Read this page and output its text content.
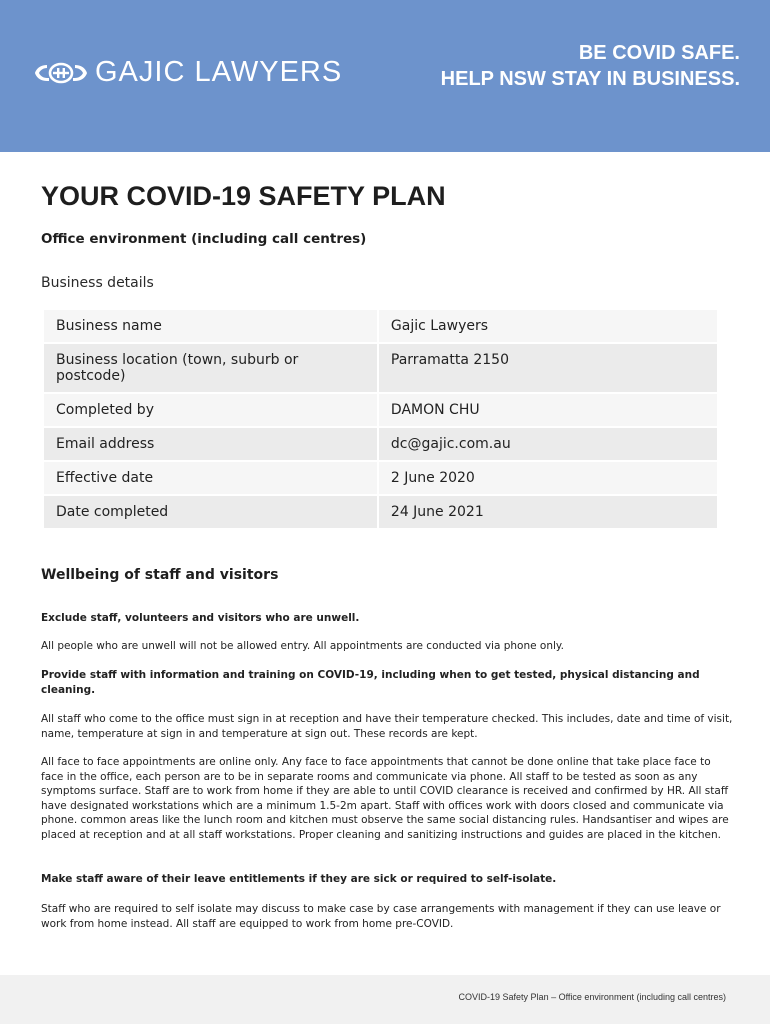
GAJIC LAWYERS
BE COVID SAFE.
HELP NSW STAY IN BUSINESS.
YOUR COVID-19 SAFETY PLAN
Office environment (including call centres)
Business details
Business name	Gajic Lawyers
Business location (town, suburb or postcode)	Parramatta 2150
Completed by	DAMON CHU
Email address	dc@gajic.com.au
Effective date	2 June 2020
Date completed	24 June 2021
Wellbeing of staff and visitors
Exclude staff, volunteers and visitors who are unwell.
All people who are unwell will not be allowed entry. All appointments are conducted via phone only.
Provide staff with information and training on COVID-19, including when to get tested, physical distancing and cleaning.
All staff who come to the office must sign in at reception and have their temperature checked. This includes, date and time of visit, name, temperature at sign in and temperature at sign out. These records are kept.
All face to face appointments are online only. Any face to face appointments that cannot be done online that take place face to face in the office, each person are to be in separate rooms and communicate via phone. All staff to be tested as soon as any symptoms surface. Staff are to work from home if they are able to until COVID clearance is received and confirmed by HR. All staff have designated workstations which are a minimum 1.5-2m apart. Staff with offices work with doors closed and communicate via phone. common areas like the lunch room and kitchen must observe the same social distancing rules. Handsantiser and wipes are placed at reception and at all staff workstations. Proper cleaning and sanitizing instructions and guides are placed in the kitchen.
Make staff aware of their leave entitlements if they are sick or required to self-isolate.
Staff who are required to self isolate may discuss to make case by case arrangements with management if they can use leave or work from home instead. All staff are equipped to work from home pre-COVID.
COVID-19 Safety Plan – Office environment (including call centres)
